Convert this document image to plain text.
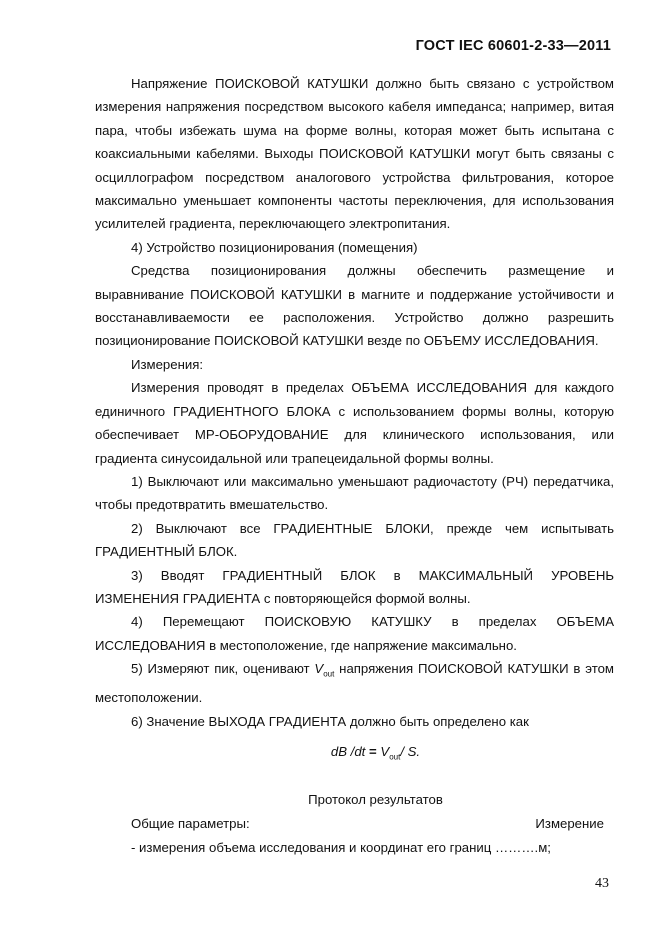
ГОСТ IEC 60601-2-33—2011

Напряжение ПОИСКОВОЙ КАТУШКИ должно быть связано с устройством измерения напряжения посредством высокого кабеля импеданса; например, витая пара, чтобы избежать шума на форме волны, которая может быть испытана с коаксиальными кабелями. Выходы ПОИСКОВОЙ КАТУШКИ могут быть связаны с осциллографом посредством аналогового устройства фильтрования, которое максимально уменьшает компоненты частоты переключения, для использования усилителей градиента, переключающего электропитания.

4) Устройство позиционирования (помещения)

Средства позиционирования должны обеспечить размещение и выравнивание ПОИСКОВОЙ КАТУШКИ в магните и поддержание устойчивости и восстанавливаемости ее расположения. Устройство должно разрешить позиционирование ПОИСКОВОЙ КАТУШКИ везде по ОБЪЕМУ ИССЛЕДОВАНИЯ.

Измерения:

Измерения проводят в пределах ОБЪЕМА ИССЛЕДОВАНИЯ для каждого единичного ГРАДИЕНТНОГО БЛОКА с использованием формы волны, которую обеспечивает МР-ОБОРУДОВАНИЕ для клинического использования, или градиента синусоидальной или трапецеидальной формы волны.

1) Выключают или максимально уменьшают радиочастоту (РЧ) передатчика, чтобы предотвратить вмешательство.

2) Выключают все ГРАДИЕНТНЫЕ БЛОКИ, прежде чем испытывать ГРАДИЕНТНЫЙ БЛОК.

3) Вводят ГРАДИЕНТНЫЙ БЛОК в МАКСИМАЛЬНЫЙ УРОВЕНЬ ИЗМЕНЕНИЯ ГРАДИЕНТА с повторяющейся формой волны.

4) Перемещают ПОИСКОВУЮ КАТУШКУ в пределах ОБЪЕМА ИССЛЕДОВАНИЯ в местоположение, где напряжение максимально.

5) Измеряют пик, оценивают $V_{out}$ напряжения ПОИСКОВОЙ КАТУШКИ в этом местоположении.

6) Значение ВЫХОДА ГРАДИЕНТА должно быть определено как

dB $/dt = V_{out}/$ S.
Протокол результатов
Общие параметры:	Измерение
- измерения объема исследования и координат его границ ……….м;
43
